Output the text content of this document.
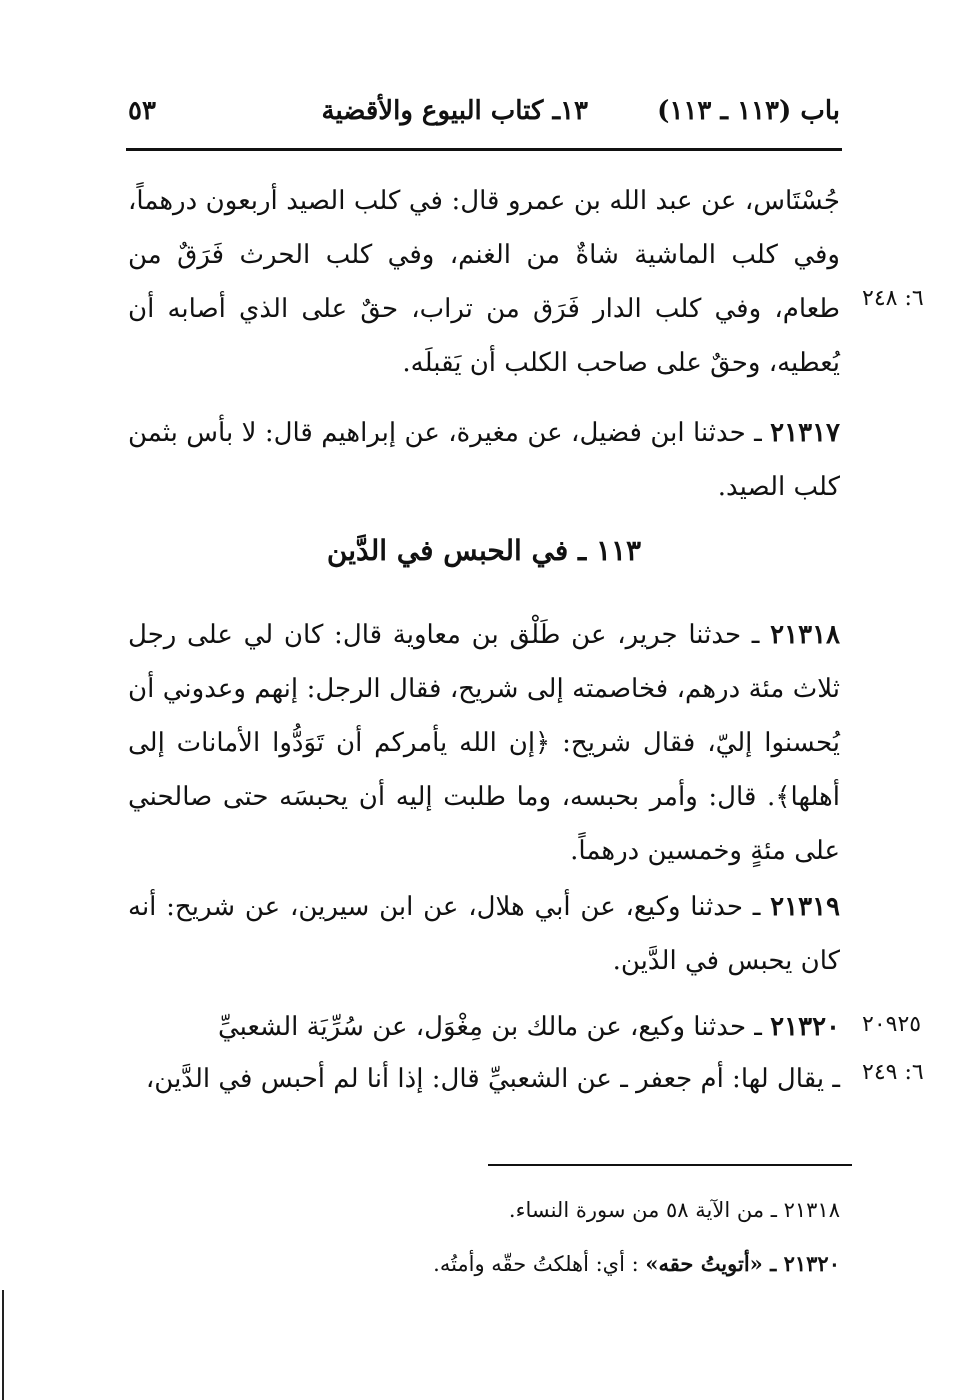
باب (١١٣ ـ ١١٣)
١٣ـ كتاب البيوع والأقضية
٥٣
جُسْتَاس، عن عبد الله بن عمرو قال: في كلب الصيد أربعون درهماً، وفي كلب الماشية شاةٌ من الغنم، وفي كلب الحرث فَرَقٌ من طعام، وفي كلب الدار فَرَق من تراب، حقٌ على الذي أصابه أن يُعطيه، وحقٌ على صاحب الكلب أن يَقبلَه.
٦: ٢٤٨
٢١٣١٧ ـ حدثنا ابن فضيل، عن مغيرة، عن إبراهيم قال: لا بأس بثمن كلب الصيد.
١١٣ ـ في الحبس في الدَّين
٢١٣١٨ ـ حدثنا جرير، عن طَلْق بن معاوية قال: كان لي على رجل ثلاث مئة درهم، فخاصمته إلى شريح، فقال الرجل: إنهم وعدوني أن يُحسنوا إليّ، فقال شريح: ﴿إن الله يأمركم أن تَوَدُّوا الأمانات إلى أهلها﴾. قال: وأمر بحبسه، وما طلبت إليه أن يحبسَه حتى صالحني على مئةٍ وخمسين درهماً.
٢١٣١٩ ـ حدثنا وكيع، عن أبي هلال، عن ابن سيرين، عن شريح: أنه كان يحبس في الدَّين.
٢١٣٢٠ ـ حدثنا وكيع، عن مالك بن مِغْوَل، عن سُرِّيَة الشعبيِّ
ـ يقال لها: أم جعفر ـ عن الشعبيِّ قال: إذا أنا لم أحبس في الدَّين،
٢٠٩٢٥
٦: ٢٤٩
٢١٣١٨ ـ من الآية ٥٨ من سورة النساء.
٢١٣٢٠ ـ «أتويتُ حقه» : أي: أهلكتُ حقّه وأمتُه.
